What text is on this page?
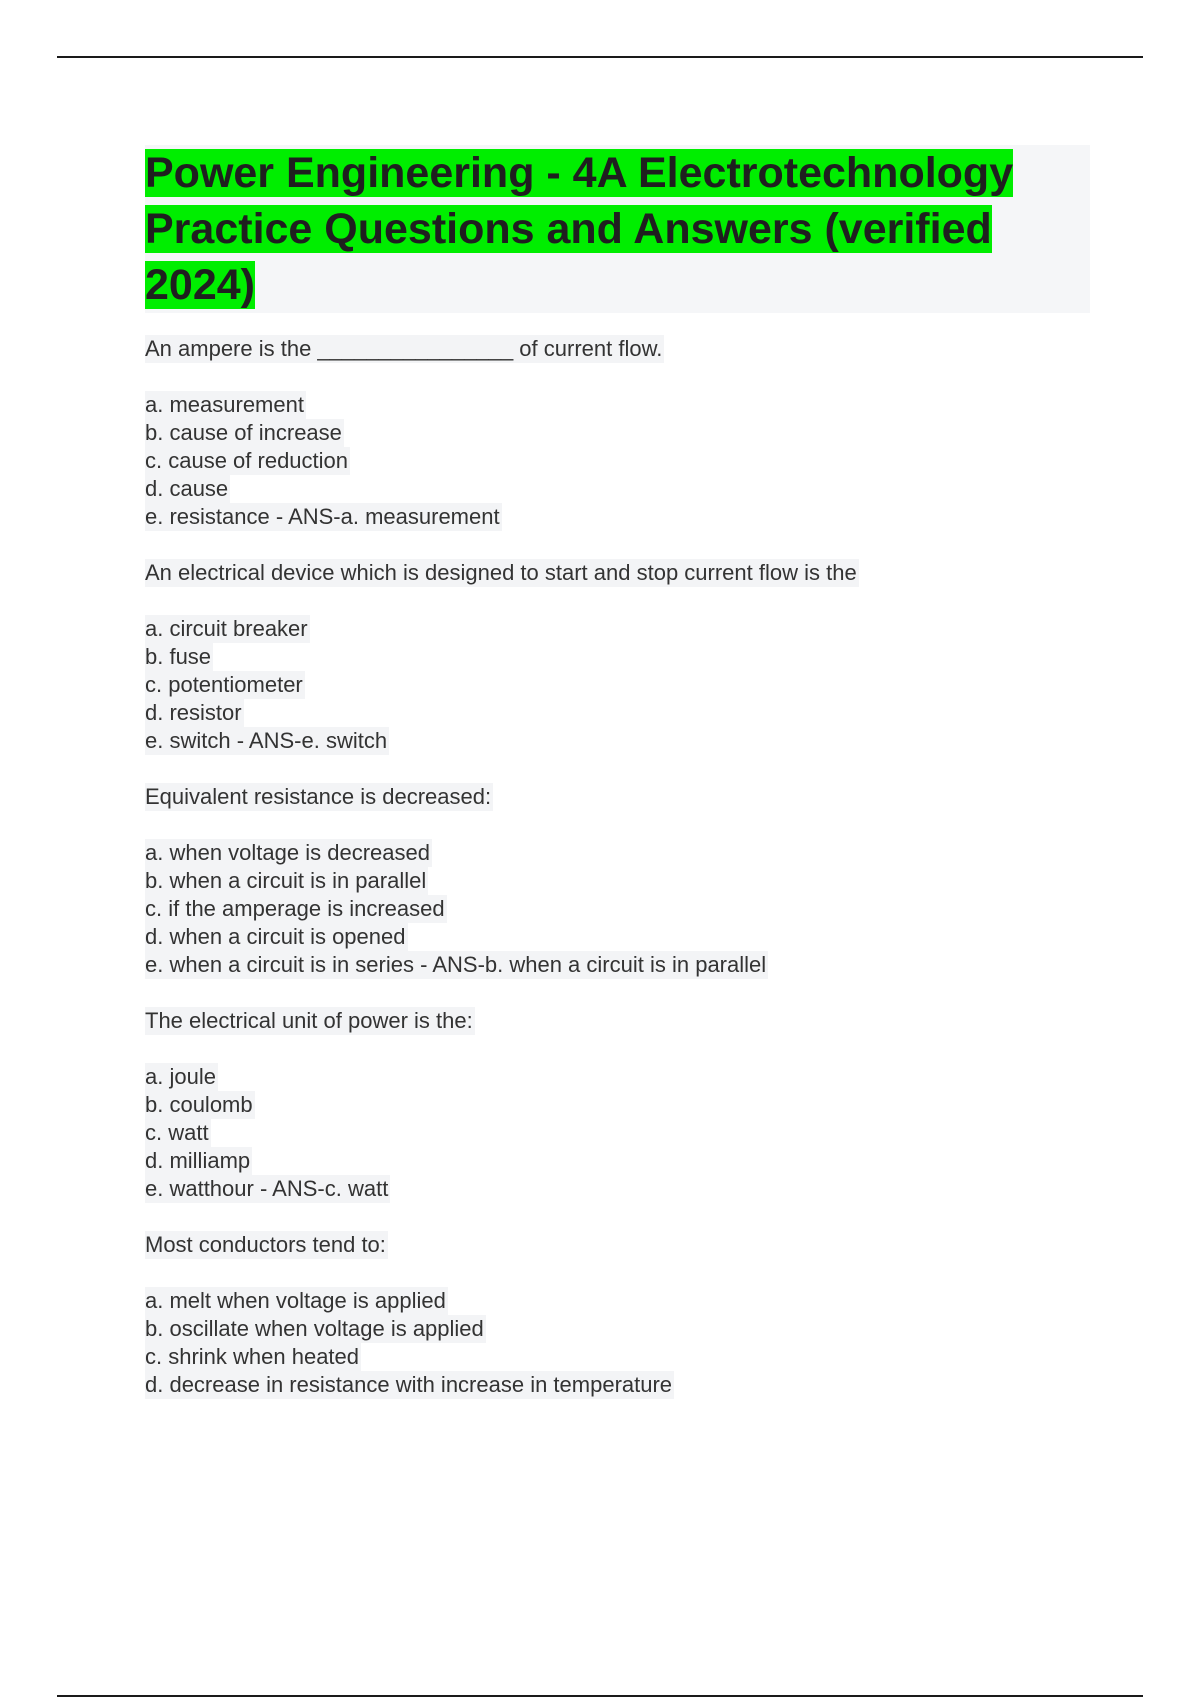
Power Engineering - 4A Electrotechnology Practice Questions and Answers (verified 2024)
An ampere is the ________________ of current flow.
a. measurement
b. cause of increase
c. cause of reduction
d. cause
e. resistance - ANS-a. measurement
An electrical device which is designed to start and stop current flow is the
a. circuit breaker
b. fuse
c. potentiometer
d. resistor
e. switch - ANS-e. switch
Equivalent resistance is decreased:
a. when voltage is decreased
b. when a circuit is in parallel
c. if the amperage is increased
d. when a circuit is opened
e. when a circuit is in series - ANS-b. when a circuit is in parallel
The electrical unit of power is the:
a. joule
b. coulomb
c. watt
d. milliamp
e. watthour - ANS-c. watt
Most conductors tend to:
a. melt when voltage is applied
b. oscillate when voltage is applied
c. shrink when heated
d. decrease in resistance with increase in temperature
